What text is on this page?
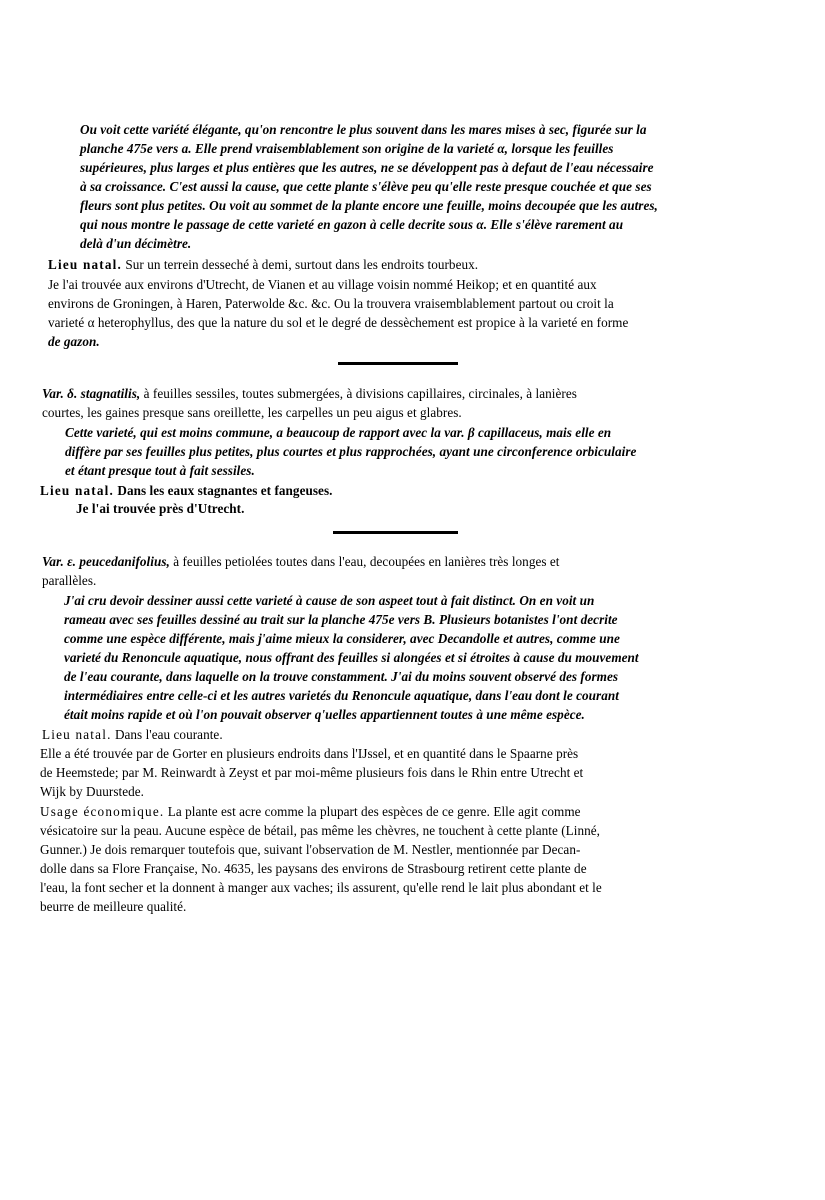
Ou voit cette variété élégante, qu'on rencontre le plus souvent dans les mares mises à sec, figurée sur la
planche 475e vers a. Elle prend vraisemblablement son origine de la varieté α, lorsque les feuilles
supérieures, plus larges et plus entières que les autres, ne se développent pas à defaut de l'eau nécessaire
à sa croissance. C'est aussi la cause, que cette plante s'élève peu qu'elle reste presque couchée et que ses
fleurs sont plus petites. Ou voit au sommet de la plante encore une feuille, moins decoupée que les autres,
qui nous montre le passage de cette varieté en gazon à celle decrite sous α. Elle s'élève rarement au
delà d'un décimètre.
Lieu natal. Sur un terrein desseché à demi, surtout dans les endroits tourbeux.
Je l'ai trouvée aux environs d'Utrecht, de Vianen et au village voisin nommé Heikop; et en quantité aux
environs de Groningen, à Haren, Paterwolde &c. &c. Ou la trouvera vraisemblablement partout ou croit la
varieté α heterophyllus, des que la nature du sol et le degré de dessèchement est propice à la varieté en forme
de gazon.
Var. δ. stagnatilis, à feuilles sessiles, toutes submergées, à divisions capillaires, circinales, à lanières
courtes, les gaines presque sans oreillette, les carpelles un peu aigus et glabres.
Cette varieté, qui est moins commune, a beaucoup de rapport avec la var. β capillaceus, mais elle en
diffère par ses feuilles plus petites, plus courtes et plus rapprochées, ayant une circonference orbiculaire
et étant presque tout à fait sessiles.
Lieu natal. Dans les eaux stagnantes et fangeuses.
Je l'ai trouvée près d'Utrecht.
Var. ε. peucedanifolius, à feuilles petiolées toutes dans l'eau, decoupées en lanières très longes et
parallèles.
J'ai cru devoir dessiner aussi cette varieté à cause de son aspeet tout à fait distinct. On en voit un
rameau avec ses feuilles dessiné au trait sur la planche 475e vers B. Plusieurs botanistes l'ont decrite
comme une espèce différente, mais j'aime mieux la considerer, avec Decandolle et autres, comme une
varieté du Renoncule aquatique, nous offrant des feuilles si alongées et si étroites à cause du mouvement
de l'eau courante, dans laquelle on la trouve constamment. J'ai du moins souvent observé des formes
intermédiaires entre celle-ci et les autres varietés du Renoncule aquatique, dans l'eau dont le courant
était moins rapide et où l'on pouvait observer q'uelles appartiennent toutes à une même espèce.
Lieu natal. Dans l'eau courante.
Elle a été trouvée par de Gorter en plusieurs endroits dans l'IJssel, et en quantité dans le Spaarne près
de Heemstede; par M. Reinwardt à Zeyst et par moi-même plusieurs fois dans le Rhin entre Utrecht et
Wijk by Duurstede.
Usage économique. La plante est acre comme la plupart des espèces de ce genre. Elle agit comme
vésicatoire sur la peau. Aucune espèce de bétail, pas même les chèvres, ne touchent à cette plante (Linné,
Gunner.) Je dois remarquer toutefois que, suivant l'observation de M. Nestler, mentionnée par Decan-
dolle dans sa Flore Française, No. 4635, les paysans des environs de Strasbourg retirent cette plante de
l'eau, la font secher et la donnent à manger aux vaches; ils assurent, qu'elle rend le lait plus abondant et le
beurre de meilleure qualité.
